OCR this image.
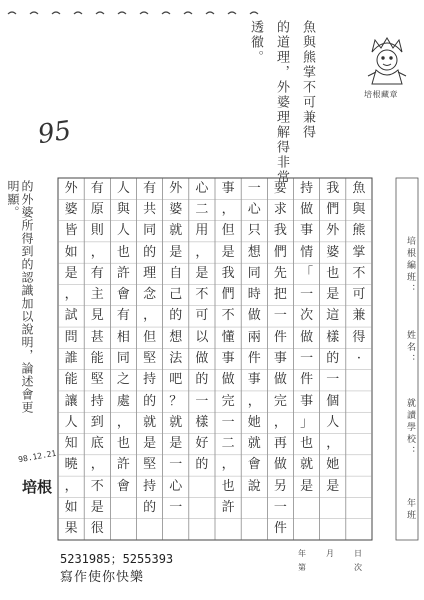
培根藏章
魚與熊掌不可兼得
的道理，外婆理解得非常
透徹。
95
魚
與
熊
掌
不
可
兼
得
·
我
們
外
婆
也
是
這
樣
的
一
個
人
，
她
是
持
做
事
情
「
一
次
做
一
件
事
」
也
就
是
要
求
我
們
先
把
一
件
事
做
完
，
再
做
另
一
件
一
心
只
想
同
時
做
兩
件
事
，
她
就
會
說
事
，
但
是
我
們
不
懂
事
做
完
一
二
，
也
許
心
二
用
，
是
不
可
以
做
的
一
樣
好
的
外
婆
就
是
自
己
的
想
法
吧
？
就
是
一
心
一
有
共
同
的
理
念
，
但
堅
持
的
就
是
堅
持
的
人
與
人
也
許
會
有
相
同
之
處
，
也
許
會
有
原
則
，
有
主
見
甚
能
堅
持
到
底
，
不
是
很
外
婆
皆
如
是
，
試
問
誰
能
讓
人
知
曉
，
如
果
培根編班：
姓名：
就讀學校：
年班
年	月	日
第	次
的外婆所得到的認識加以說明，論述會更明顯。
98.12.21
培根
5231985；5255393
寫作使你快樂
